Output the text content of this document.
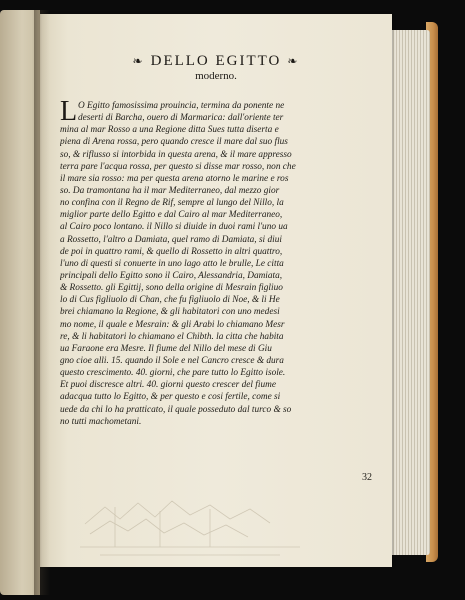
❧ DELLO EGITTO ❧
moderno.
L O Egitto famosissima prouincia, termina da ponente ne
deserti di Barcha, ouero di Marmarica: dall'oriente ter
mina al mar Rosso a una Regione ditta Sues tutta diserta e
piena di Arena rossa, pero quando cresce il mare dal suo flus
so, & riflusso si intorbida in questa arena, & il mare appresso
terra pare l'acqua rossa, per questo si disse mar rosso, non che
il mare sia rosso: ma per questa arena atorno le marine e ros
so. Da tramontana ha il mar Mediterraneo, dal mezzo gior
no confina con il Regno de Rif, sempre al lungo del Nillo, la
miglior parte dello Egitto e dal Cairo al mar Mediterraneo,
al Cairo poco lontano. il Nillo si diuide in duoi rami l'uno ua
a Rossetto, l'altro a Damiata, quel ramo di Damiata, si diui
de poi in quattro rami, & quello di Rossetto in altri quattro,
l'uno di questi si conuerte in uno lago atto le brulle, Le citta
principali dello Egitto sono il Cairo, Alessandria, Damiata,
& Rossetto. gli Egittij, sono della origine di Mesrain figliuo
lo di Cus figliuolo di Chan, che fu figliuolo di Noe, & li He
brei chiamano la Regione, & gli habitatori con uno medesi
mo nome, il quale e Mesrain: & gli Arabi lo chiamano Mesr
re, & li habitatori lo chiamano el Chibth. la citta che habita
ua Faraone era Mesre. Il fiume del Nillo del mese di Giu
gno cioe alli. 15. quando il Sole e nel Cancro cresce & dura
questo crescimento. 40. giorni, che pare tutto lo Egitto isole.
Et puoi discresce altri. 40. giorni questo crescer del fiume
adacqua tutto lo Egitto, & per questo e cosi fertile, come si
uede da chi lo ha pratticato, il quale posseduto dal turco & so
no tutti machometani.
32
